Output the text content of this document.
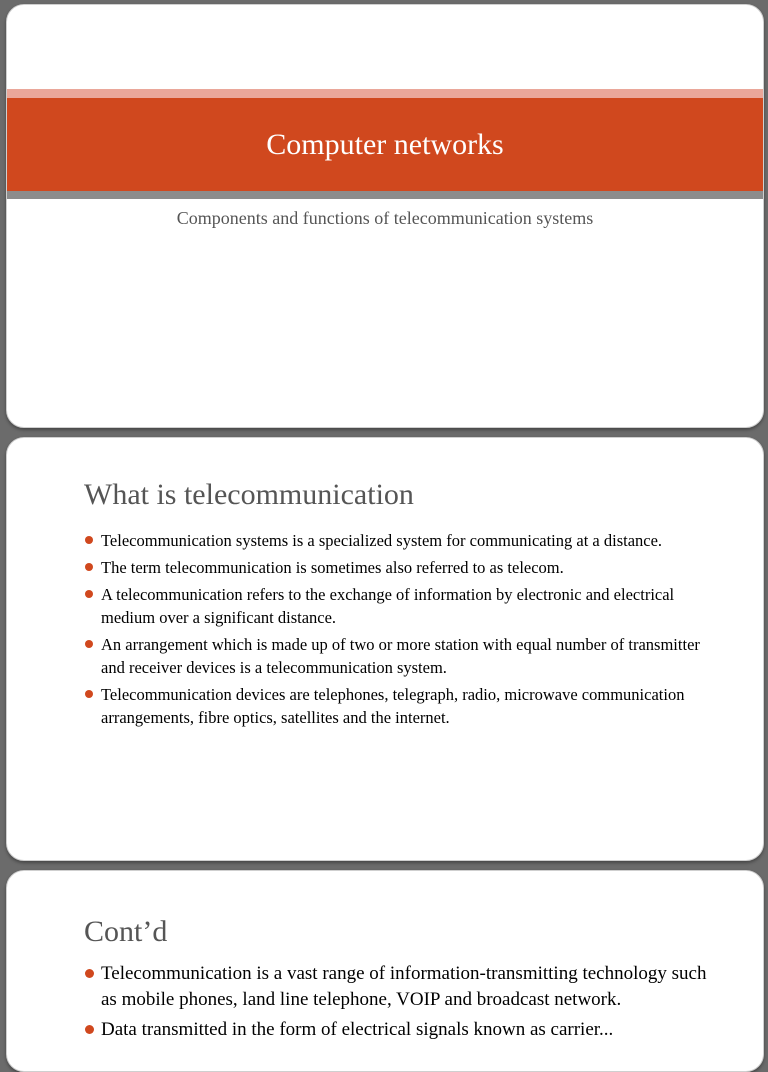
Computer networks
Components and functions of telecommunication systems
What is telecommunication
Telecommunication systems is a specialized system for communicating at a distance.
The term telecommunication is sometimes also referred to as telecom.
A telecommunication refers to the exchange of information by electronic and electrical medium over a significant distance.
An arrangement which is made up of two or more station with equal number of transmitter and receiver devices is a telecommunication system.
Telecommunication devices are telephones, telegraph, radio, microwave communication arrangements, fibre optics, satellites and the internet.
Cont’d
Telecommunication is a vast range of information-transmitting technology such as mobile phones, land line telephone, VOIP and broadcast network.
Data transmitted in the form of electrical signals known as carrier...
